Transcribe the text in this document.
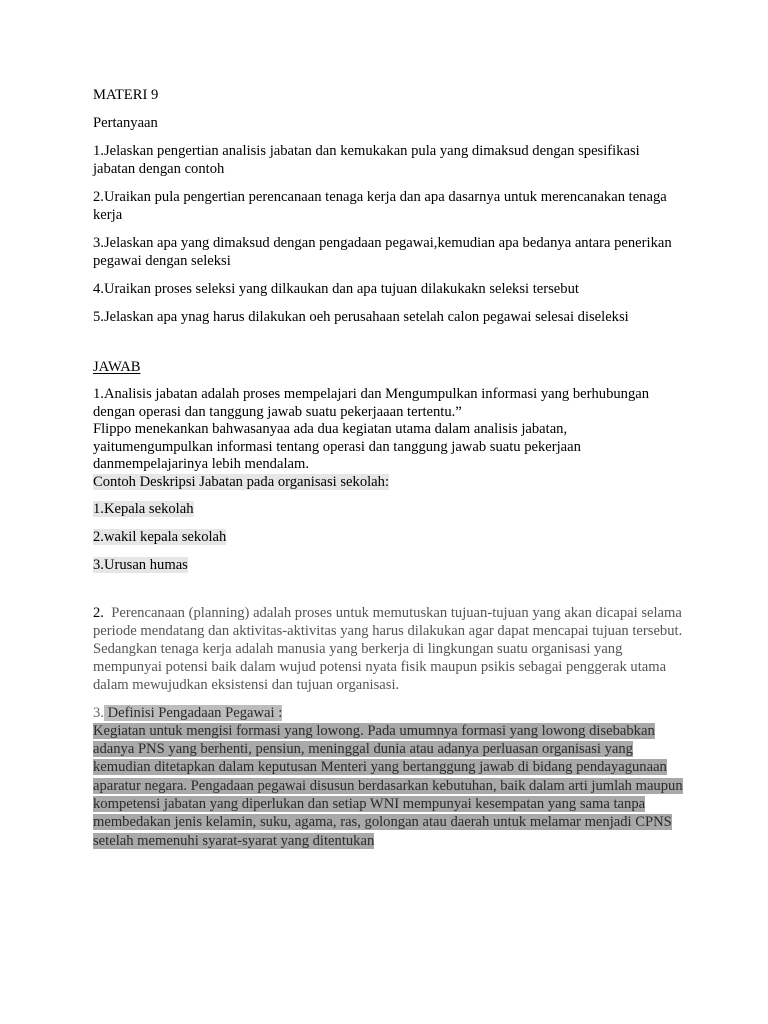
MATERI 9

Pertanyaan

1.Jelaskan pengertian analisis jabatan dan kemukakan pula yang dimaksud dengan spesifikasi jabatan dengan contoh

2.Uraikan pula pengertian perencanaan tenaga kerja dan apa dasarnya untuk merencanakan tenaga kerja

3.Jelaskan apa yang dimaksud dengan pengadaan pegawai,kemudian apa bedanya antara penerikan pegawai dengan seleksi

4.Uraikan proses seleksi yang dilkaukan dan apa tujuan dilakukakn seleksi tersebut

5.Jelaskan apa ynag harus dilakukan oeh perusahaan setelah calon pegawai selesai diseleksi

JAWAB

1.Analisis jabatan adalah proses mempelajari dan Mengumpulkan informasi yang berhubungan dengan operasi dan tanggung jawab suatu pekerjaaan tertentu.”

Flippo menekankan bahwasanyaa ada dua kegiatan utama dalam analisis jabatan, yaitumengumpulkan informasi tentang operasi dan tanggung jawab suatu pekerjaan danmempelajarinya lebih mendalam.

Contoh Deskripsi Jabatan pada organisasi sekolah:

1.Kepala sekolah

2.wakil kepala sekolah

3.Urusan humas

2. Perencanaan (planning) adalah proses untuk memutuskan tujuan-tujuan yang akan dicapai selama periode mendatang dan aktivitas-aktivitas yang harus dilakukan agar dapat mencapai tujuan tersebut. Sedangkan tenaga kerja adalah manusia yang berkerja di lingkungan suatu organisasi yang mempunyai potensi baik dalam wujud potensi nyata fisik maupun psikis sebagai penggerak utama dalam mewujudkan eksistensi dan tujuan organisasi.

3. Definisi Pengadaan Pegawai :
Kegiatan untuk mengisi formasi yang lowong. Pada umumnya formasi yang lowong disebabkan adanya PNS yang berhenti, pensiun, meninggal dunia atau adanya perluasan organisasi yang kemudian ditetapkan dalam keputusan Menteri yang bertanggung jawab di bidang pendayagunaan aparatur negara. Pengadaan pegawai disusun berdasarkan kebutuhan, baik dalam arti jumlah maupun kompetensi jabatan yang diperlukan dan setiap WNI mempunyai kesempatan yang sama tanpa membedakan jenis kelamin, suku, agama, ras, golongan atau daerah untuk melamar menjadi CPNS setelah memenuhi syarat-syarat yang ditentukan
